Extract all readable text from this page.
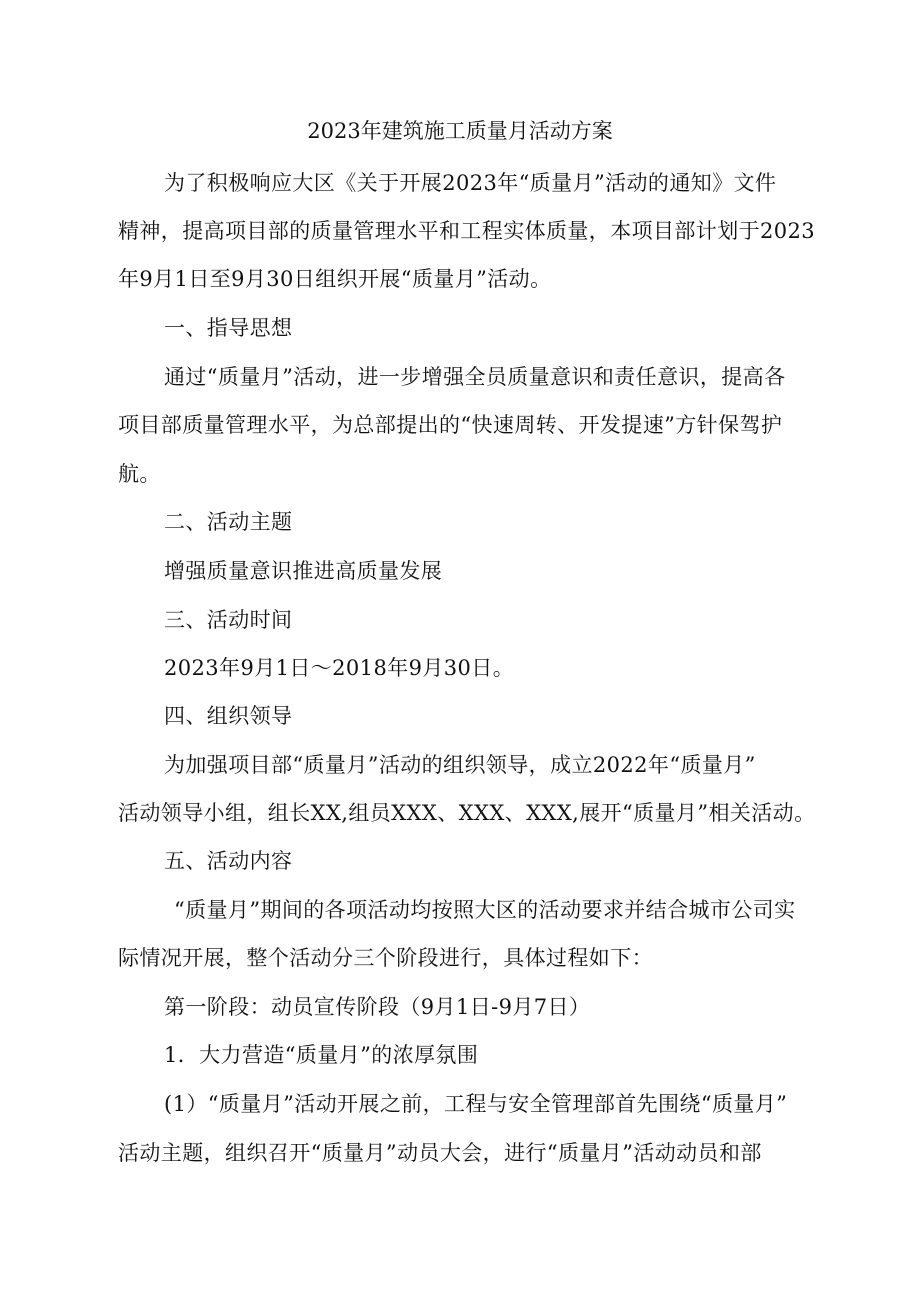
2023年建筑施工质量月活动方案
为了积极响应大区《关于开展2023年“质量月”活动的通知》文件
精神，提高项目部的质量管理水平和工程实体质量，本项目部计划于2023
年9月1日至9月30日组织开展“质量月”活动。
一、指导思想
通过“质量月”活动，进一步增强全员质量意识和责任意识，提高各
项目部质量管理水平，为总部提出的“快速周转、开发提速”方针保驾护
航。
二、活动主题
增强质量意识推进高质量发展
三、活动时间
2023年9月1日～2018年9月30日。
四、组织领导
为加强项目部“质量月”活动的组织领导，成立2022年“质量月”
活动领导小组，组长XX,组员XXX、XXX、XXX,展开“质量月”相关活动。
五、活动内容
“质量月”期间的各项活动均按照大区的活动要求并结合城市公司实
际情况开展，整个活动分三个阶段进行，具体过程如下：
第一阶段：动员宣传阶段（9月1日-9月7日）
1．大力营造“质量月”的浓厚氛围
(1）“质量月”活动开展之前，工程与安全管理部首先围绕“质量月”
活动主题，组织召开“质量月”动员大会，进行“质量月”活动动员和部
